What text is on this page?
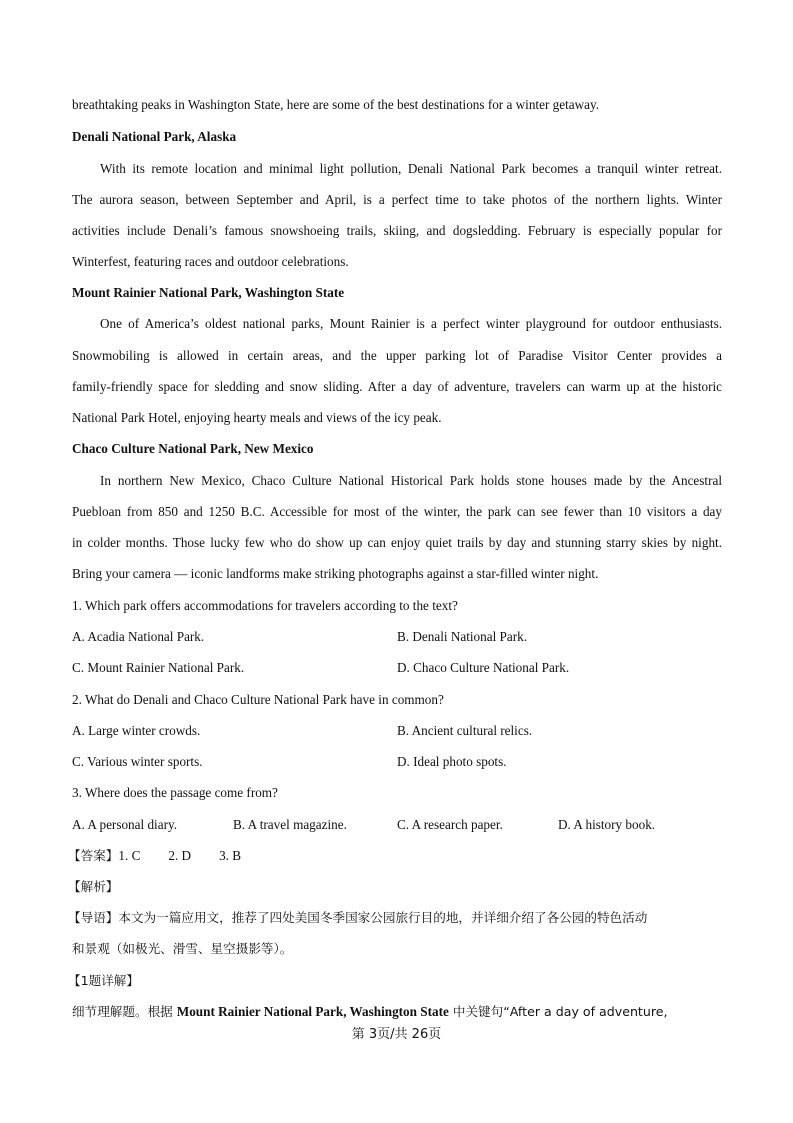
breathtaking peaks in Washington State, here are some of the best destinations for a winter getaway.
Denali National Park, Alaska
With its remote location and minimal light pollution, Denali National Park becomes a tranquil winter retreat.
The aurora season, between September and April, is a perfect time to take photos of the northern lights. Winter
activities include Denali’s famous snowshoeing trails, skiing, and dogsledding. February is especially popular for
Winterfest, featuring races and outdoor celebrations.
Mount Rainier National Park, Washington State
One of America’s oldest national parks, Mount Rainier is a perfect winter playground for outdoor enthusiasts.
Snowmobiling is allowed in certain areas, and the upper parking lot of Paradise Visitor Center provides a
family-friendly space for sledding and snow sliding. After a day of adventure, travelers can warm up at the historic
National Park Hotel, enjoying hearty meals and views of the icy peak.
Chaco Culture National Park, New Mexico
In northern New Mexico, Chaco Culture National Historical Park holds stone houses made by the Ancestral
Puebloan from 850 and 1250 B.C. Accessible for most of the winter, the park can see fewer than 10 visitors a day
in colder months. Those lucky few who do show up can enjoy quiet trails by day and stunning starry skies by night.
Bring your camera — iconic landforms make striking photographs against a star-filled winter night.
1. Which park offers accommodations for travelers according to the text?
A. Acadia National Park.	B. Denali National Park.
C. Mount Rainier National Park.	D. Chaco Culture National Park.
2. What do Denali and Chaco Culture National Park have in common?
A. Large winter crowds.	B. Ancient cultural relics.
C. Various winter sports.	D. Ideal photo spots.
3. Where does the passage come from?
A. A personal diary.	B. A travel magazine.	C. A research paper.	D. A history book.
【答案】1. C 2. D 3. B
【解析】
【导语】本文为一篇应用文，推荐了四处美国冬季国家公园旅行目的地，并详细介绍了各公园的特色活动
和景观（如极光、滑雪、星空摄影等）。
【1题详解】
细节理解题。根据 Mount Rainier National Park, Washington State 中关键句“After a day of adventure,
第 3页/共 26页
